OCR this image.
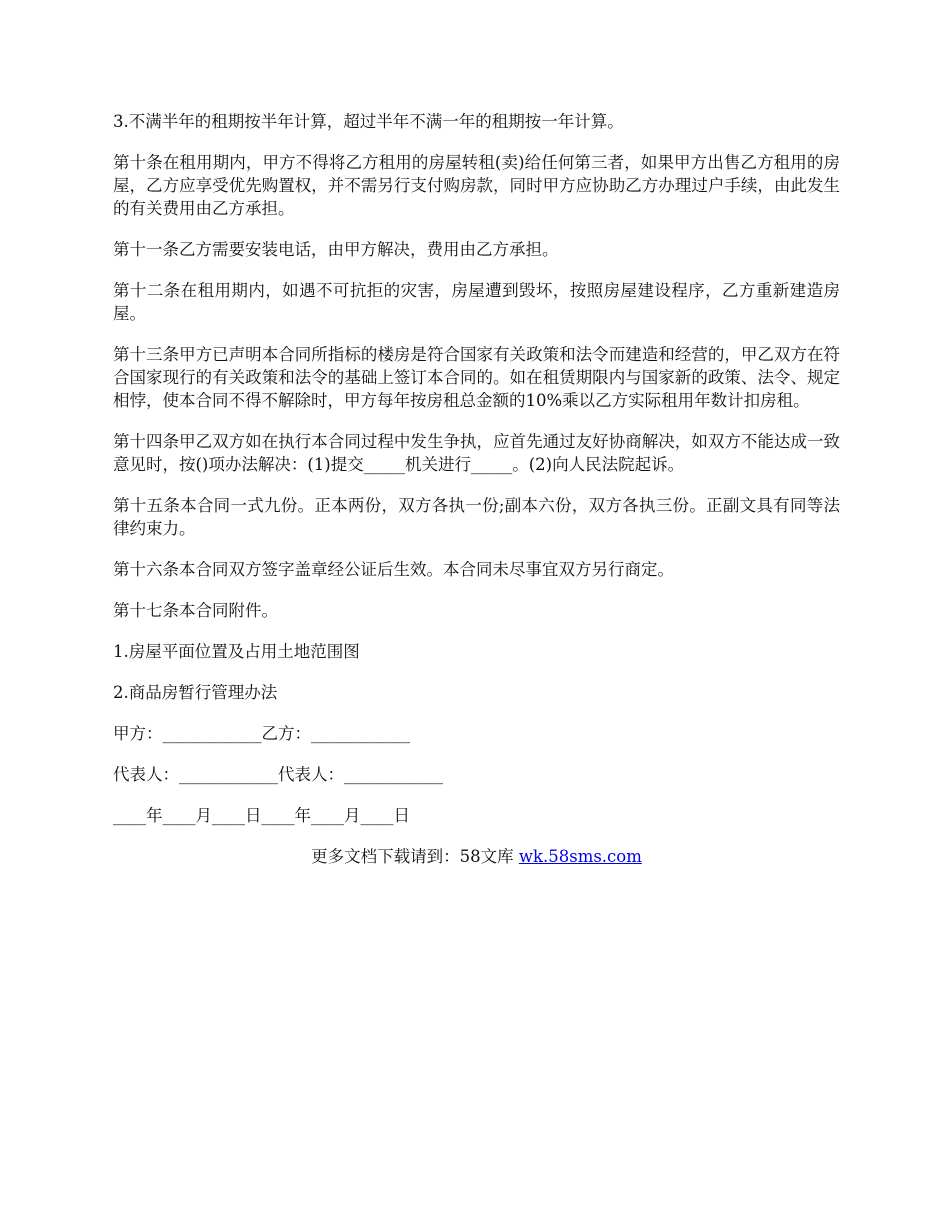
3.不满半年的租期按半年计算，超过半年不满一年的租期按一年计算。

第十条在租用期内，甲方不得将乙方租用的房屋转租(卖)给任何第三者，如果甲方出售乙方租用的房屋，乙方应享受优先购置权，并不需另行支付购房款，同时甲方应协助乙方办理过户手续，由此发生的有关费用由乙方承担。

第十一条乙方需要安装电话，由甲方解决，费用由乙方承担。

第十二条在租用期内，如遇不可抗拒的灾害，房屋遭到毁坏，按照房屋建设程序，乙方重新建造房屋。

第十三条甲方已声明本合同所指标的楼房是符合国家有关政策和法令而建造和经营的，甲乙双方在符合国家现行的有关政策和法令的基础上签订本合同的。如在租赁期限内与国家新的政策、法令、规定相悖，使本合同不得不解除时，甲方每年按房租总金额的10%乘以乙方实际租用年数计扣房租。

第十四条甲乙双方如在执行本合同过程中发生争执，应首先通过友好协商解决，如双方不能达成一致意见时，按()项办法解决：(1)提交_____机关进行_____。(2)向人民法院起诉。

第十五条本合同一式九份。正本两份，双方各执一份;副本六份，双方各执三份。正副文具有同等法律约束力。

第十六条本合同双方签字盖章经公证后生效。本合同未尽事宜双方另行商定。

第十七条本合同附件。

1.房屋平面位置及占用土地范围图

2.商品房暂行管理办法

甲方：____________乙方：____________

代表人：____________代表人：____________

____年____月____日____年____月____日

更多文档下载请到：58文库 wk.58sms.com
